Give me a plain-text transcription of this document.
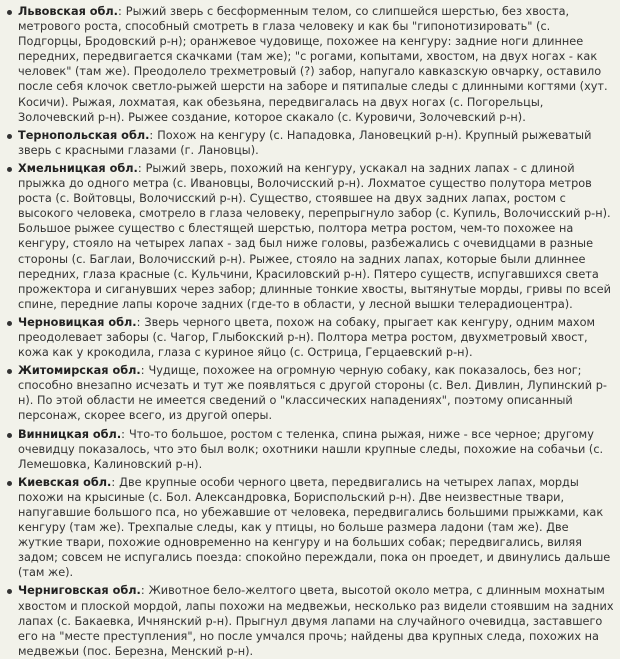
Львовская обл.: Рыжий зверь с бесформенным телом, со слипшейся шерстью, без хвоста, метрового роста, способный смотреть в глаза человеку и как бы "гипонотизировать" (с. Подгорцы, Бродовский р-н); оранжевое чудовище, похожее на кенгуру: задние ноги длиннее передних, передвигается скачками (там же); "с рогами, копытами, хвостом, на двух ногах - как человек" (там же). Преодолело трехметровый (?) забор, напугало кавказскую овчарку, оставило после себя клочок светло-рыжей шерсти на заборе и пятипалые следы с длинными когтями (хут. Косичи). Рыжая, лохматая, как обезьяна, передвигалась на двух ногах (с. Погорельцы, Золочевский р-н). Рыжее создание, которое скакало (с. Куровичи, Золочевский р-н).
Тернопольская обл.: Похож на кенгуру (с. Нападовка, Лановецкий р-н). Крупный рыжеватый зверь с красными глазами (г. Ланoвцы).
Хмельницкая обл.: Рыжий зверь, похожий на кенгуру, ускакал на задних лапах - с длиной прыжка до одного метра (с. Ивановцы, Волочисский р-н). Лохматое существо полутора метров роста (с. Войтовцы, Волочисский р-н). Существо, стоявшее на двух задних лапах, ростом с высокого человека, смотрело в глаза человеку, перепрыгнуло забор (с. Купиль, Волочисский р-н). Большое рыжее существо с блестящей шерстью, полтора метра ростом, чем-то похожее на кенгуру, стояло на четырех лапах - зад был ниже головы, разбежались с очевидцами в разные стороны (с. Баглаи, Волочисский р-н). Рыжее, стояло на задних лапах, которые были длиннее передних, глаза красные (с. Кульчини, Красиловский р-н). Пятеро существ, испугавшихся света прожектора и сиганувших через забор; длинные тонкие хвосты, вытянутые морды, гривы по всей спине, передние лапы короче задних (где-то в области, у лесной вышки телерадиоцентра).
Черновицкая обл.: Зверь черного цвета, похож на собаку, прыгает как кенгуру, одним махом преодолевает заборы (с. Чагор, Глыбокский р-н). Полтора метра ростом, двухметровый хвост, кожа как у крокодила, глаза с куриное яйцо (с. Острица, Герцаевский р-н).
Житомирская обл.: Чудище, похожее на огромную черную собаку, как показалось, без ног; способно внезапно исчезать и тут же появляться с другой стороны (с. Вел. Дивлин, Лупинский р-н). По этой области не имеется сведений о "классических нападениях", поэтому описанный персонаж, скорее всего, из другой оперы.
Винницкая обл.: Что-то большое, ростом с теленка, спина рыжая, ниже - все черное; другому очевидцу показалось, что это был волк; охотники нашли крупные следы, похожие на собачьи (с. Лемешовка, Калиновский р-н).
Киевская обл.: Две крупные особи черного цвета, передвигались на четырех лапах, морды похожи на крысиные (с. Бол. Александровка, Бориспольский р-н). Две неизвестные твари, напугавшие большого пса, но убежавшие от человека, передвигались большими прыжками, как кенгуру (там же). Трехпалые следы, как у птицы, но больше размера ладони (там же). Две жуткие твари, похожие одновременно на кенгуру и на больших собак; передвигались, виляя задом; совсем не испугались поезда: спокойно переждали, пока он проедет, и двинулись дальше (там же).
Черниговская обл.: Животное бело-желтого цвета, высотой около метра, с длинным мохнатым хвостом и плоской мордой, лапы похожи на медвежьи, несколько раз видели стоявшим на задних лапах (с. Бакаевка, Ичнянский р-н). Прыгнул двумя лапами на случайного очевидца, заставшего его на "месте преступления", но после умчался прочь; найдены два крупных следа, похожих на медвежьи (пос. Березна, Менский р-н).
